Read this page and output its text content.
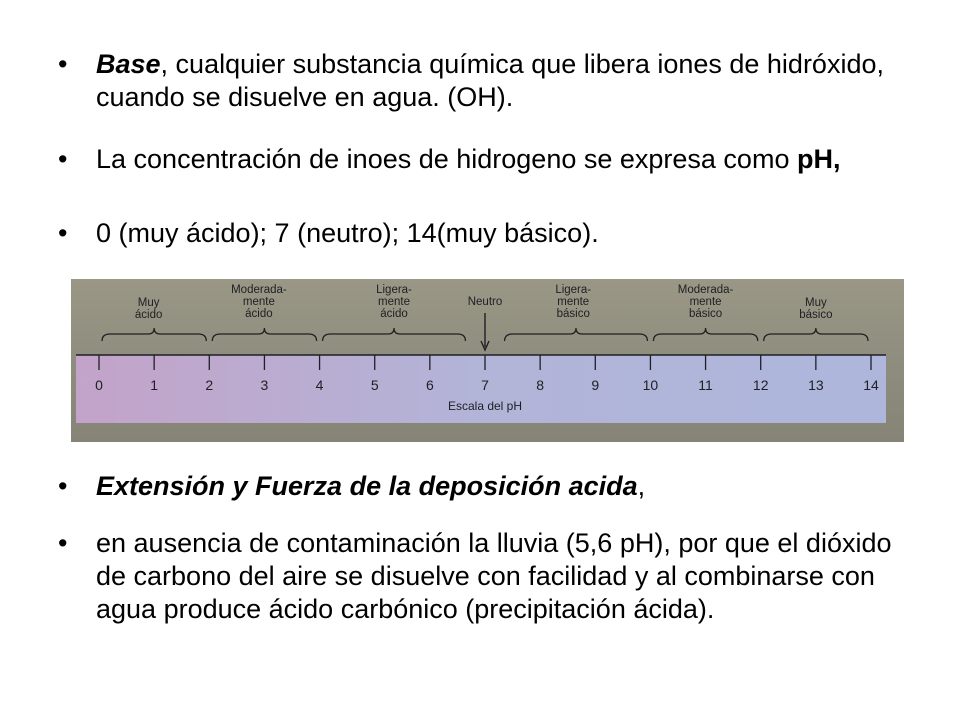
• Base, cualquier substancia química que libera iones de hidróxido, cuando se disuelve en agua. (OH).
• La concentración de inoes de hidrogeno se expresa como pH,
• 0 (muy ácido); 7 (neutro); 14(muy básico).
0	1	2	3	4	5	6	7	8	9	10	11	12	13	14
Escala del pH
Muy
ácido
Moderada-
mente
ácido
Ligera-
mente
ácido
Neutro
Ligera-
mente
básico
Moderada-
mente
básico
Muy
básico
• Extensión y Fuerza de la deposición acida,
• en ausencia de contaminación la lluvia (5,6 pH), por que el dióxido de carbono del aire se disuelve con facilidad y al combinarse con agua produce ácido carbónico (precipitación ácida).
